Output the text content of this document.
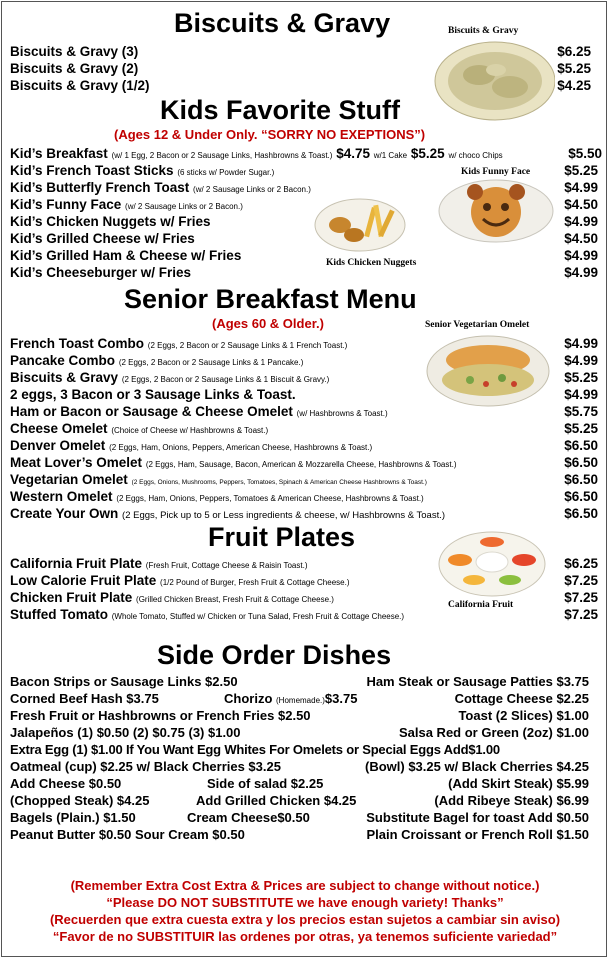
Biscuits & Gravy	Biscuits & Gravy
Biscuits & Gravy (3)	$6.25
Biscuits & Gravy (2)	$5.25
Biscuits & Gravy (1/2)	$4.25
Kids Favorite Stuff
(Ages 12 & Under Only. “SORRY NO EXEPTIONS”)
Kid’s Breakfast (w/ 1 Egg, 2 Bacon or 2 Sausage Links, Hashbrowns & Toast.) $4.75 w/1 Cake $5.25 w/ choco Chips	$5.50
Kids Funny Face
Kids Chicken Nuggets
Kid’s French Toast Sticks (6 sticks w/ Powder Sugar.)	$5.25
Kid’s Butterfly French Toast (w/ 2 Sausage Links or 2 Bacon.)	$4.99
Kid’s Funny Face (w/ 2 Sausage Links or 2 Bacon.)	$4.50
Kid’s Chicken Nuggets w/ Fries	$4.99
Kid’s Grilled Cheese w/ Fries	$4.50
Kid’s Grilled Ham & Cheese w/ Fries	$4.99
Kid’s Cheeseburger w/ Fries	$4.99
Senior Breakfast Menu
(Ages 60 & Older.)	Senior Vegetarian Omelet
French Toast Combo (2 Eggs, 2 Bacon or 2 Sausage Links & 1 French Toast.)	$4.99
Pancake Combo (2 Eggs, 2 Bacon or 2 Sausage Links & 1 Pancake.)	$4.99
Biscuits & Gravy (2 Eggs, 2 Bacon or 2 Sausage Links & 1 Biscuit & Gravy.)	$5.25
2 eggs, 3 Bacon or 3 Sausage Links & Toast.	$4.99
Ham or Bacon or Sausage & Cheese Omelet (w/ Hashbrowns & Toast.)	$5.75
Cheese Omelet (Choice of Cheese w/ Hashbrowns & Toast.)	$5.25
Denver Omelet (2 Eggs, Ham, Onions, Peppers, American Cheese, Hashbrowns & Toast.)	$6.50
Meat Lover’s Omelet (2 Eggs, Ham, Sausage, Bacon, American & Mozzarella Cheese, Hashbrowns & Toast.)	$6.50
Vegetarian Omelet (2 Eggs, Onions, Mushrooms, Peppers, Tomatoes, Spinach & American Cheese Hashbrowns & Toast.)	$6.50
Western Omelet (2 Eggs, Ham, Onions, Peppers, Tomatoes & American Cheese, Hashbrowns & Toast.)	$6.50
Create Your Own (2 Eggs, Pick up to 5 or Less ingredients & cheese, w/ Hashbrowns & Toast.)	$6.50
Fruit Plates
California Fruit
California Fruit Plate (Fresh Fruit, Cottage Cheese & Raisin Toast.)	$6.25
Low Calorie Fruit Plate (1/2 Pound of Burger, Fresh Fruit & Cottage Cheese.)	$7.25
Chicken Fruit Plate (Grilled Chicken Breast, Fresh Fruit & Cottage Cheese.)	$7.25
Stuffed Tomato (Whole Tomato, Stuffed w/ Chicken or Tuna Salad, Fresh Fruit & Cottage Cheese.)	$7.25
Side Order Dishes
Bacon Strips or Sausage Links $2.50	Ham Steak or Sausage Patties $3.75
Corned Beef Hash $3.75	Chorizo (Homemade.)$3.75	Cottage Cheese $2.25
Fresh Fruit or Hashbrowns or French Fries $2.50	Toast (2 Slices) $1.00
Jalapeños (1) $0.50 (2) $0.75 (3) $1.00	Salsa Red or Green (2oz) $1.00
Extra Egg (1) $1.00 If You Want Egg Whites For Omelets or Special Eggs Add$1.00
Oatmeal (cup) $2.25 w/ Black Cherries $3.25	(Bowl) $3.25 w/ Black Cherries $4.25
Add Cheese $0.50	Side of salad $2.25	(Add Skirt Steak) $5.99
(Chopped Steak) $4.25	Add Grilled Chicken $4.25	(Add Ribeye Steak) $6.99
Bagels (Plain.) $1.50	Cream Cheese$0.50	Substitute Bagel for toast Add $0.50
Peanut Butter $0.50 Sour Cream $0.50	Plain Croissant or French Roll $1.50
(Remember Extra Cost Extra & Prices are subject to change without notice.)
“Please DO NOT SUBSTITUTE we have enough variety! Thanks”
(Recuerden que extra cuesta extra y los precios estan sujetos a cambiar sin aviso)
“Favor de no SUBSTITUIR las ordenes por otras, ya tenemos suficiente variedad”
